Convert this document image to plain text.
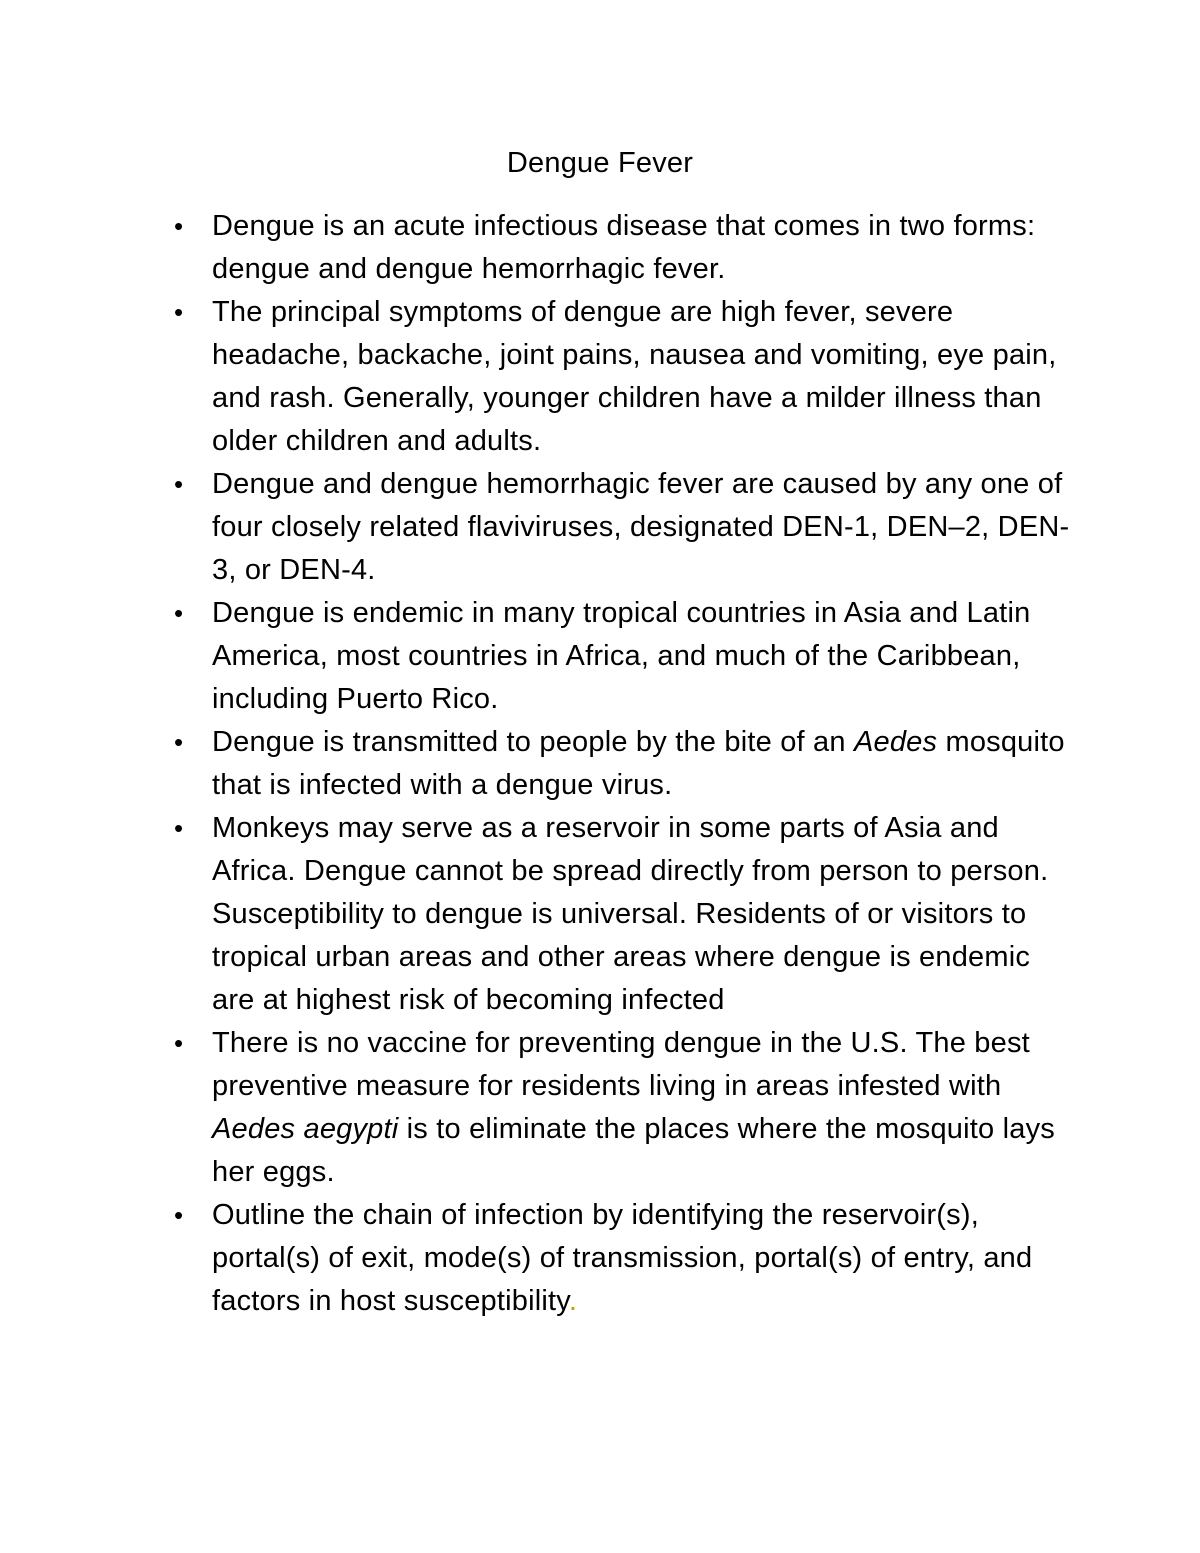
Dengue Fever
• Dengue is an acute infectious disease that comes in two forms: dengue and dengue hemorrhagic fever.
• The principal symptoms of dengue are high fever, severe headache, backache, joint pains, nausea and vomiting, eye pain, and rash. Generally, younger children have a milder illness than older children and adults.
• Dengue and dengue hemorrhagic fever are caused by any one of four closely related flaviviruses, designated DEN-1, DEN–2, DEN-3, or DEN-4.
• Dengue is endemic in many tropical countries in Asia and Latin America, most countries in Africa, and much of the Caribbean, including Puerto Rico.
• Dengue is transmitted to people by the bite of an Aedes mosquito that is infected with a dengue virus.
• Monkeys may serve as a reservoir in some parts of Asia and Africa. Dengue cannot be spread directly from person to person. Susceptibility to dengue is universal. Residents of or visitors to tropical urban areas and other areas where dengue is endemic are at highest risk of becoming infected
• There is no vaccine for preventing dengue in the U.S. The best preventive measure for residents living in areas infested with Aedes aegypti is to eliminate the places where the mosquito lays her eggs.
• Outline the chain of infection by identifying the reservoir(s), portal(s) of exit, mode(s) of transmission, portal(s) of entry, and factors in host susceptibility.
